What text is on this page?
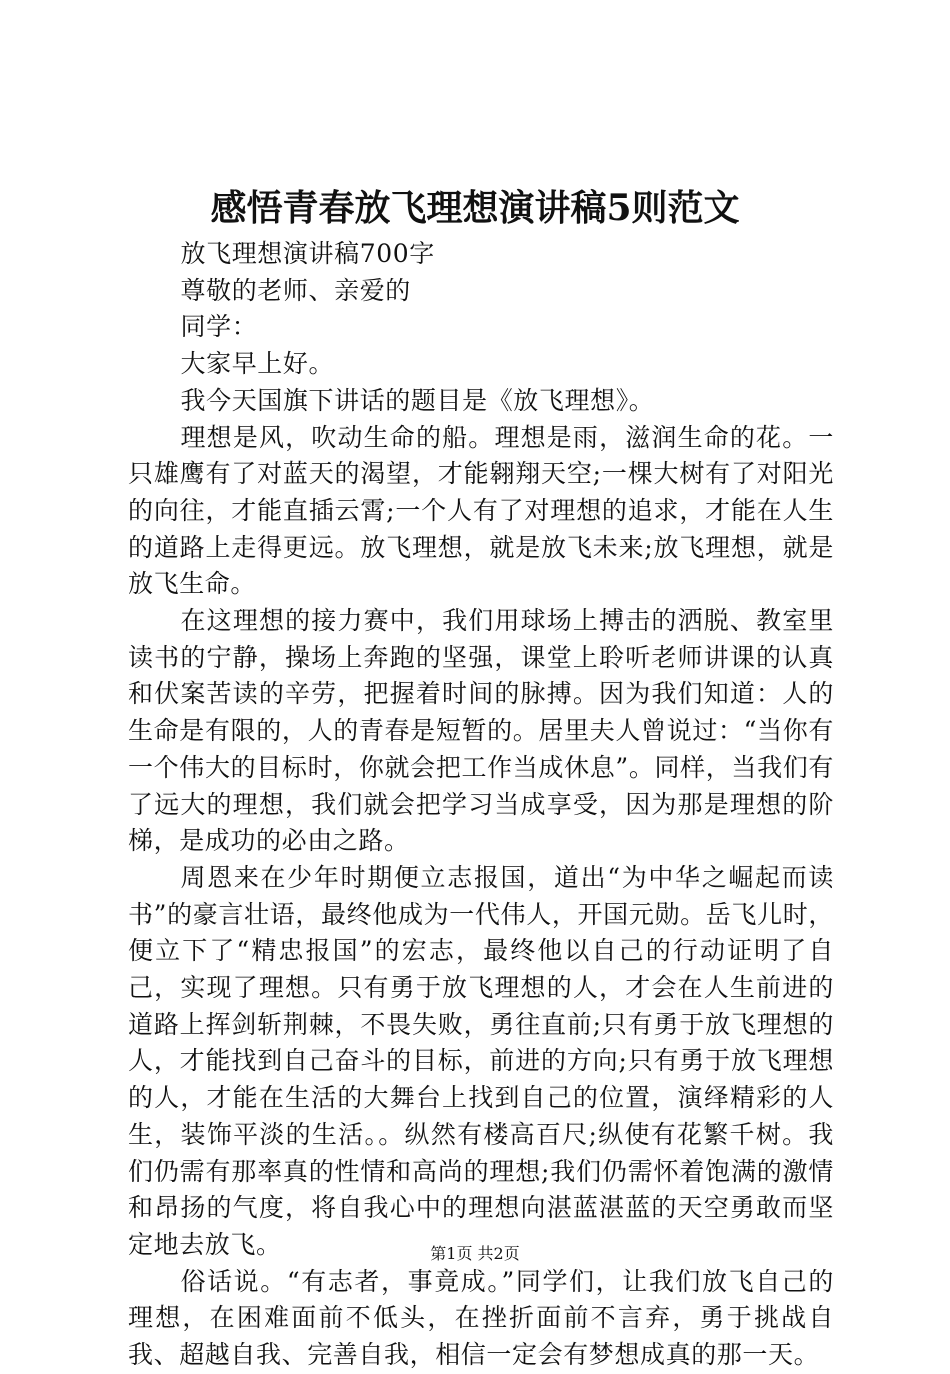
感悟青春放飞理想演讲稿5则范文

放飞理想演讲稿700字

尊敬的老师、亲爱的

同学：

大家早上好。

我今天国旗下讲话的题目是《放飞理想》。

理想是风，吹动生命的船。理想是雨，滋润生命的花。一只雄鹰有了对蓝天的渴望，才能翱翔天空;一棵大树有了对阳光的向往，才能直插云霄;一个人有了对理想的追求，才能在人生的道路上走得更远。放飞理想，就是放飞未来;放飞理想，就是放飞生命。

在这理想的接力赛中，我们用球场上搏击的洒脱、教室里读书的宁静，操场上奔跑的坚强，课堂上聆听老师讲课的认真和伏案苦读的辛劳，把握着时间的脉搏。因为我们知道：人的生命是有限的，人的青春是短暂的。居里夫人曾说过：“当你有一个伟大的目标时，你就会把工作当成休息”。同样，当我们有了远大的理想，我们就会把学习当成享受，因为那是理想的阶梯，是成功的必由之路。

周恩来在少年时期便立志报国，道出“为中华之崛起而读书”的豪言壮语，最终他成为一代伟人，开国元勋。岳飞儿时，便立下了“精忠报国”的宏志，最终他以自己的行动证明了自己，实现了理想。只有勇于放飞理想的人，才会在人生前进的道路上挥剑斩荆棘，不畏失败，勇往直前;只有勇于放飞理想的人，才能找到自己奋斗的目标，前进的方向;只有勇于放飞理想的人，才能在生活的大舞台上找到自己的位置，演绎精彩的人生，装饰平淡的生活。。纵然有楼高百尺;纵使有花繁千树。我们仍需有那率真的性情和高尚的理想;我们仍需怀着饱满的激情和昂扬的气度，将自我心中的理想向湛蓝湛蓝的天空勇敢而坚定地去放飞。

俗话说。“有志者，事竟成。”同学们，让我们放飞自己的理想，在困难面前不低头，在挫折面前不言弃，勇于挑战自我、超越自我、完善自我，相信一定会有梦想成真的那一天。

第1页 共2页
